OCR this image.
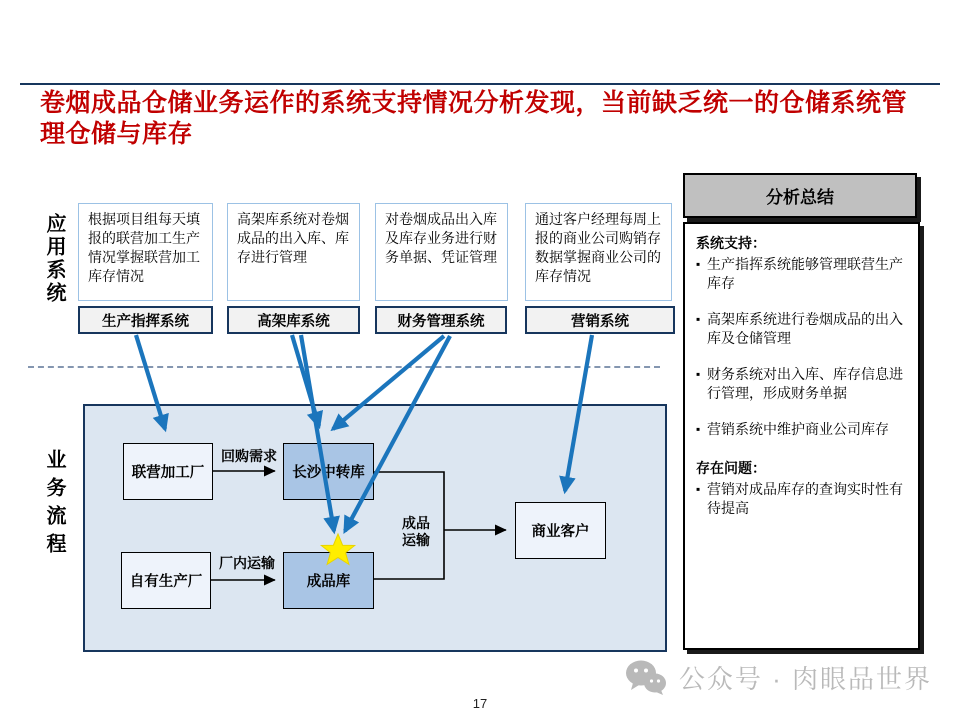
卷烟成品仓储业务运作的系统支持情况分析发现，当前缺乏统一的仓储系统管理仓储与库存
应用系统
业务流程
根据项目组每天填报的联营加工生产情况掌握联营加工库存情况
高架库系统对卷烟成品的出入库、库存进行管理
对卷烟成品出入库及库存业务进行财务单据、凭证管理
通过客户经理每周上报的商业公司购销存数据掌握商业公司的库存情况
生产指挥系统	高架库系统	财务管理系统	营销系统
联营加工厂	长沙中转库
自有生产厂	成品库
商业客户
回购需求
厂内运输
成品运输
分析总结
系统支持：
▪ 生产指挥系统能够管理联营生产库存
▪ 高架库系统进行卷烟成品的出入库及仓储管理
▪ 财务系统对出入库、库存信息进行管理，形成财务单据
▪ 营销系统中维护商业公司库存
存在问题：
▪ 营销对成品库存的查询实时性有待提高
17
公众号 · 肉眼品世界
